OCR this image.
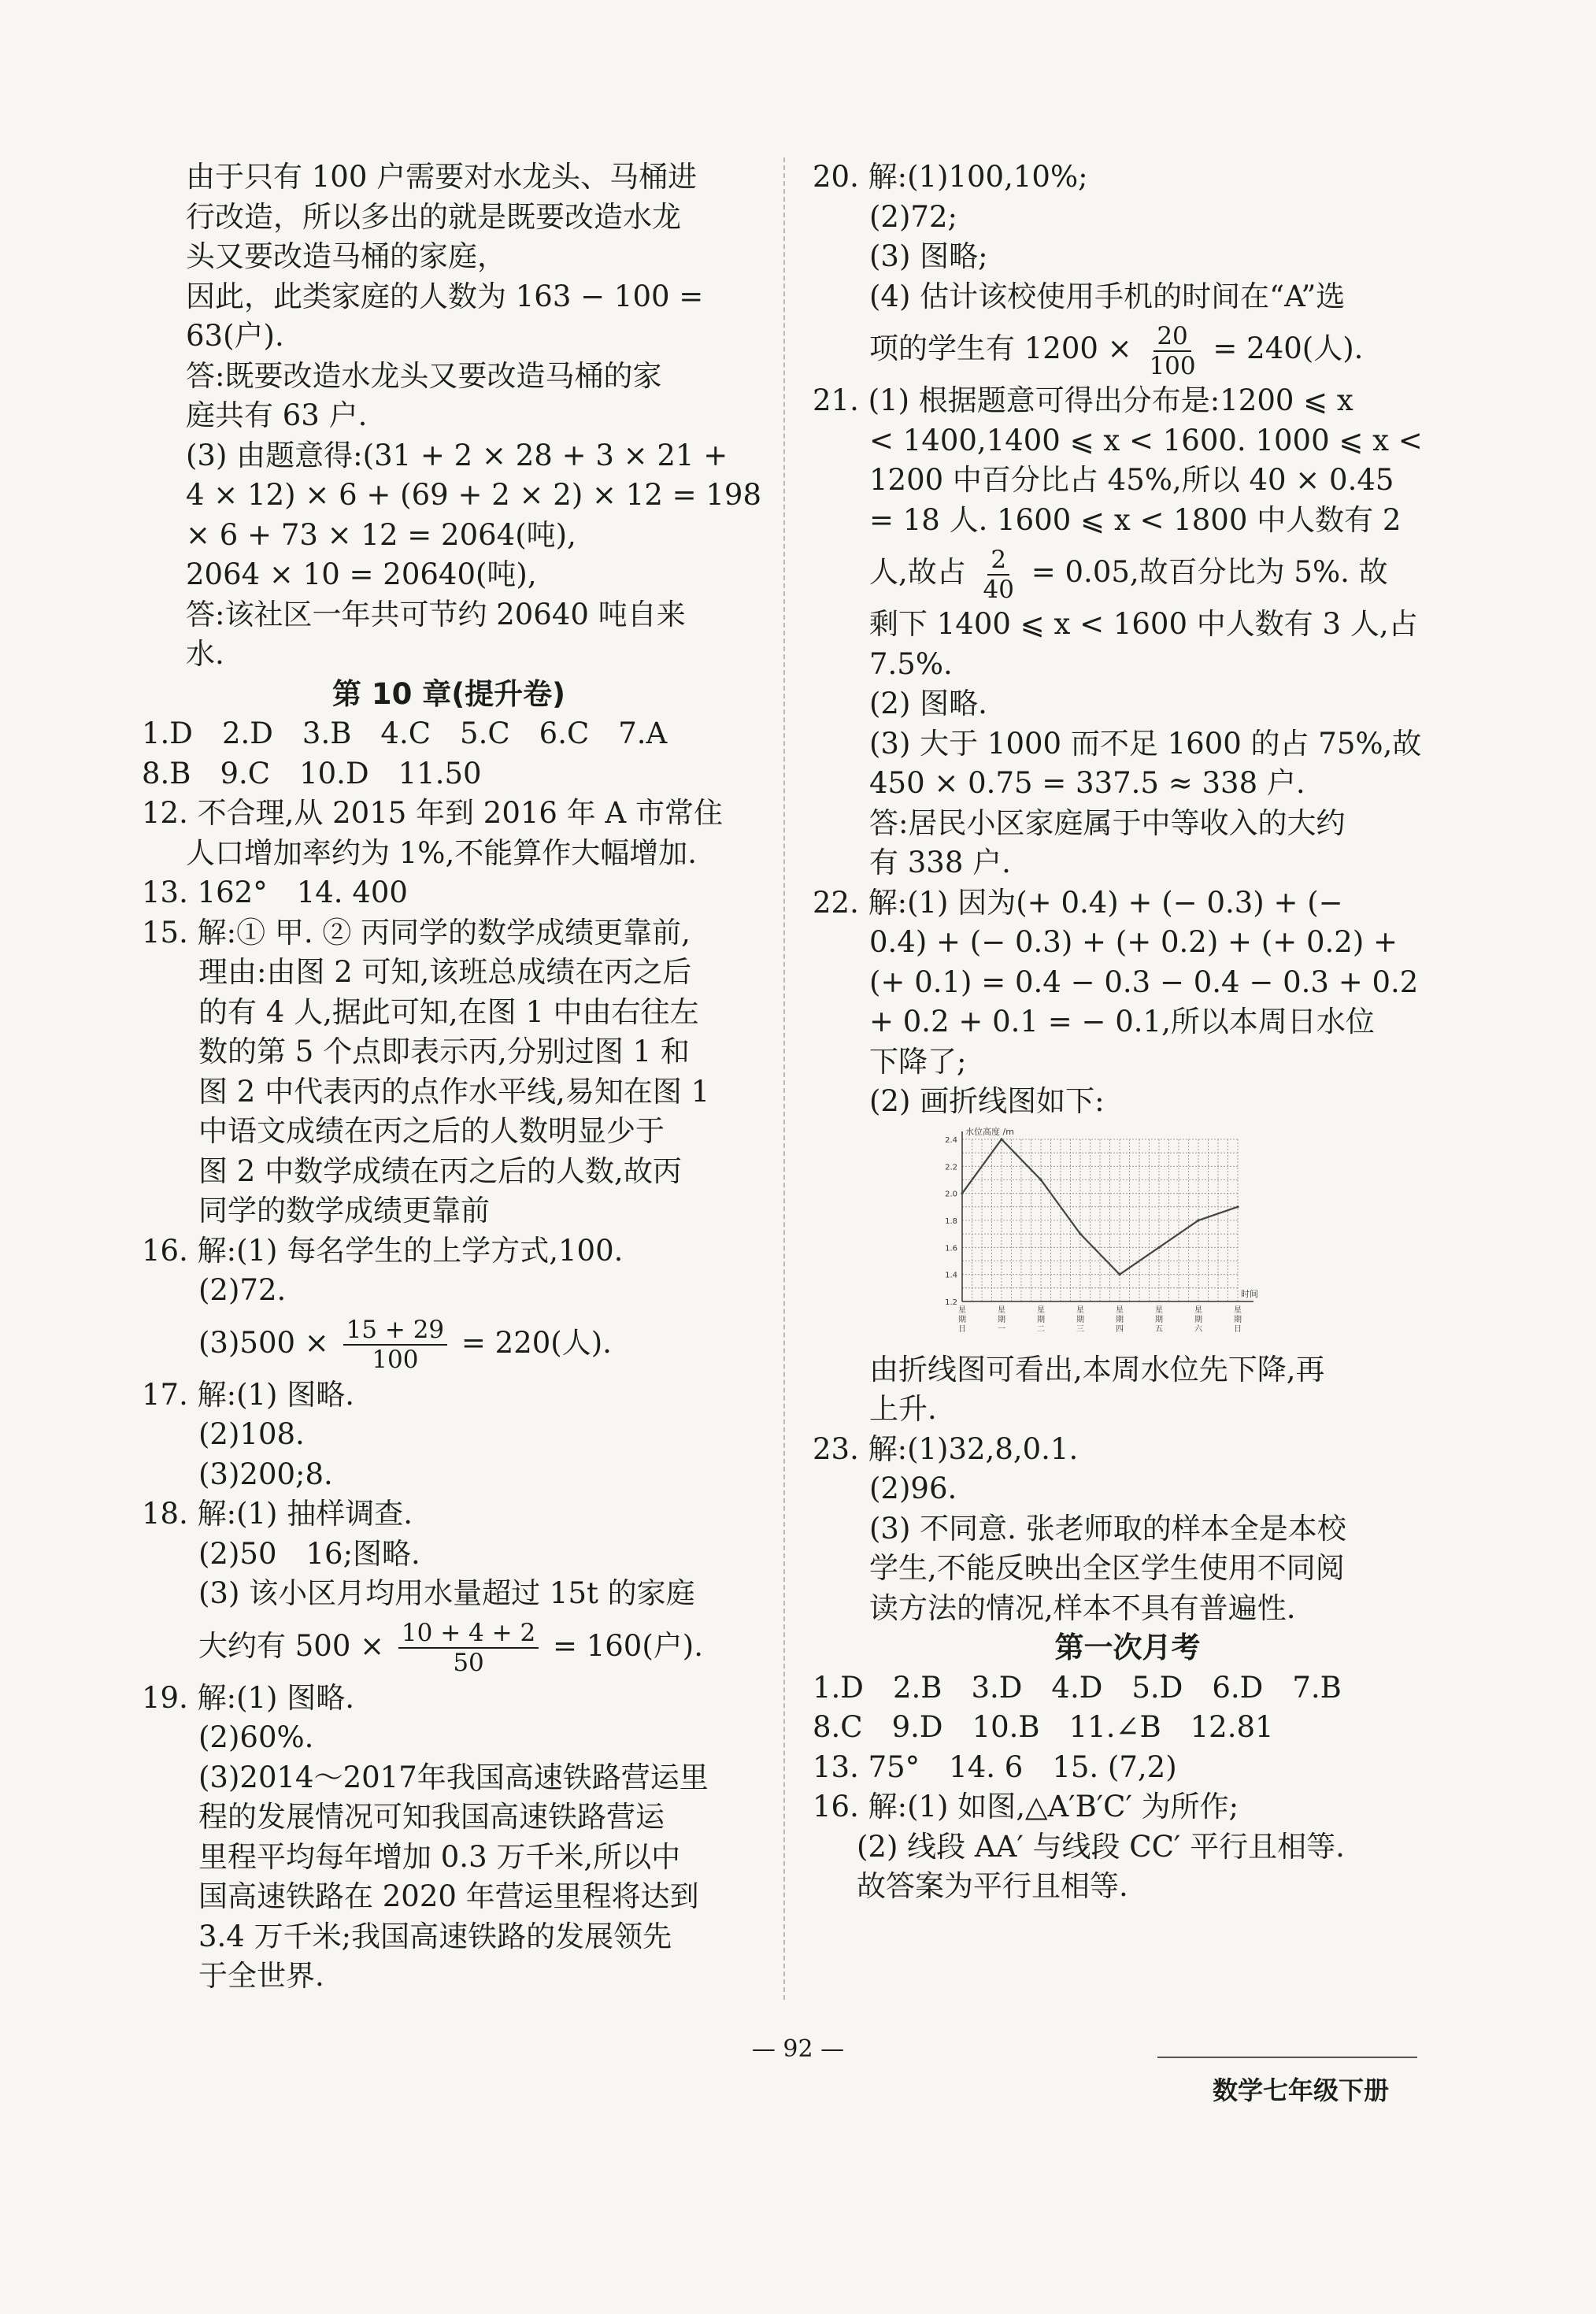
由于只有 100 户需要对水龙头、马桶进
行改造，所以多出的就是既要改造水龙
头又要改造马桶的家庭，
因此，此类家庭的人数为 163 − 100 =
63(户).
答:既要改造水龙头又要改造马桶的家
庭共有 63 户.
(3) 由题意得:(31 + 2 × 28 + 3 × 21 +
4 × 12) × 6 + (69 + 2 × 2) × 12 = 198
× 6 + 73 × 12 = 2064(吨),
2064 × 10 = 20640(吨),
答:该社区一年共可节约 20640 吨自来
水.
第 10 章(提升卷)
1.D　2.D　3.B　4.C　5.C　6.C　7.A
8.B　9.C　10.D　11.50
12. 不合理,从 2015 年到 2016 年 A 市常住
人口增加率约为 1%,不能算作大幅增加.
13. 162°　14. 400
15. 解:① 甲. ② 丙同学的数学成绩更靠前,
理由:由图 2 可知,该班总成绩在丙之后
的有 4 人,据此可知,在图 1 中由右往左
数的第 5 个点即表示丙,分别过图 1 和
图 2 中代表丙的点作水平线,易知在图 1
中语文成绩在丙之后的人数明显少于
图 2 中数学成绩在丙之后的人数,故丙
同学的数学成绩更靠前
16. 解:(1) 每名学生的上学方式,100.
(2)72.
$(3)500 \times \frac{15 + 29}{100} = 220$(人).
17. 解:(1) 图略.
(2)108.
(3)200;8.
18. 解:(1) 抽样调查.
(2)50　16;图略.
(3) 该小区月均用水量超过 15t 的家庭
大约有 $500 \times \frac{10 + 4 + 2}{50} = 160$(户).
19. 解:(1) 图略.
(2)60%.
(3)2014～2017年我国高速铁路营运里
程的发展情况可知我国高速铁路营运
里程平均每年增加 0.3 万千米,所以中
国高速铁路在 2020 年营运里程将达到
3.4 万千米;我国高速铁路的发展领先
于全世界.
20. 解:(1)100,10%;
(2)72;
(3) 图略;
(4) 估计该校使用手机的时间在“A”选
项的学生有 $1200 \times \frac{20}{100} = 240$(人).
21. (1) 根据题意可得出分布是:1200 ⩽ x
< 1400,1400 ⩽ x < 1600. 1000 ⩽ x <
1200 中百分比占 45%,所以 40 × 0.45
= 18 人. 1600 ⩽ x < 1800 中人数有 2
人,故占 $\frac{2}{40} = 0.05$,故百分比为 5%. 故
剩下 1400 ⩽ x < 1600 中人数有 3 人,占
7.5%.
(2) 图略.
(3) 大于 1000 而不足 1600 的占 75%,故
450 × 0.75 = 337.5 ≈ 338 户.
答:居民小区家庭属于中等收入的大约
有 338 户.
22. 解:(1) 因为(+ 0.4) + (− 0.3) + (−
0.4) + (− 0.3) + (+ 0.2) + (+ 0.2) +
(+ 0.1) = 0.4 − 0.3 − 0.4 − 0.3 + 0.2
+ 0.2 + 0.1 = − 0.1,所以本周日水位
下降了;
(2) 画折线图如下:
1.2
1.4
1.6
1.8
2.0
2.2
2.4
水位高度 /m
时间
星期日
星期一
星期二
星期三
星期四
星期五
星期六
星期日
由折线图可看出,本周水位先下降,再
上升.
23. 解:(1)32,8,0.1.
(2)96.
(3) 不同意. 张老师取的样本全是本校
学生,不能反映出全区学生使用不同阅
读方法的情况,样本不具有普遍性.
第一次月考
1.D　2.B　3.D　4.D　5.D　6.D　7.B
8.C　9.D　10.B　11.∠B　12.81
13. 75°　14. 6　15. (7,2)
16. 解:(1) 如图,△A′B′C′ 为所作;
(2) 线段 AA′ 与线段 CC′ 平行且相等.
故答案为平行且相等.
— 92 —
数学七年级下册
